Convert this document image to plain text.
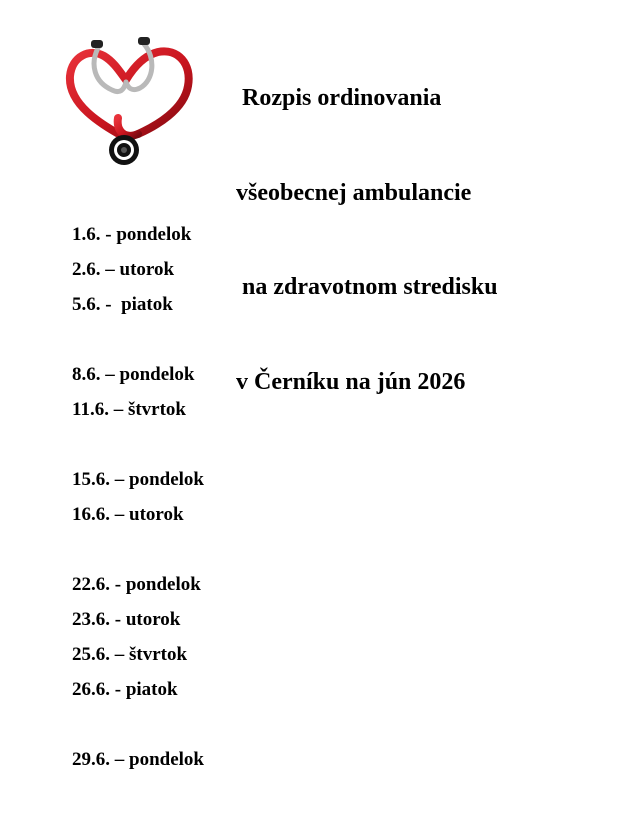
Rozpis ordinovania

všeobecnej ambulancie

na zdravotnom stredisku

v Černíku na jún 2026

1.6. - pondelok
2.6. – utorok
5.6. -  piatok
8.6. – pondelok
11.6. – štvrtok
15.6. – pondelok
16.6. – utorok
22.6. - pondelok
23.6. - utorok
25.6. – štvrtok
26.6. - piatok
29.6. – pondelok
